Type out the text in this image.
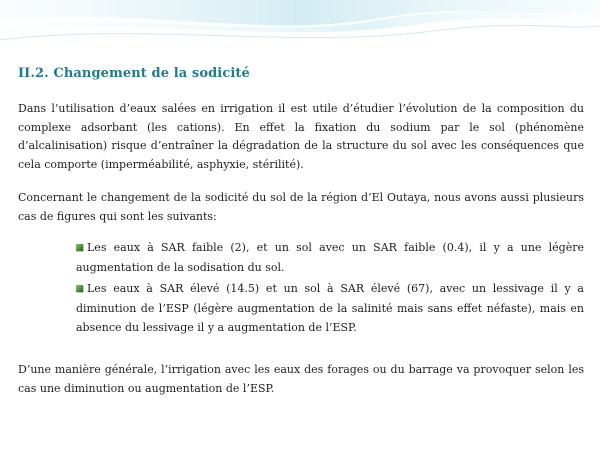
II.2. Changement de la sodicité

Dans l’utilisation d’eaux salées en irrigation il est utile d’étudier l’évolution de la composition du complexe adsorbant (les cations). En effet la fixation du sodium par le sol (phénomène d’alcalinisation) risque d’entraîner la dégradation de la structure du sol avec les conséquences que cela comporte (imperméabilité, asphyxie, stérilité).

Concernant le changement de la sodicité du sol de la région d’El Outaya, nous avons aussi plusieurs cas de figures qui sont les suivants:

Les eaux à SAR faible (2), et un sol avec un SAR faible (0.4), il y a une légère augmentation de la sodisation du sol.
Les eaux à SAR élevé (14.5) et un sol à SAR élevé (67), avec un lessivage il y a diminution de l’ESP (légère augmentation de la salinité mais sans effet néfaste), mais en absence du lessivage il y a augmentation de l’ESP.

D’une manière générale, l’irrigation avec les eaux des forages ou du barrage va provoquer selon les cas une diminution ou augmentation de l’ESP.
